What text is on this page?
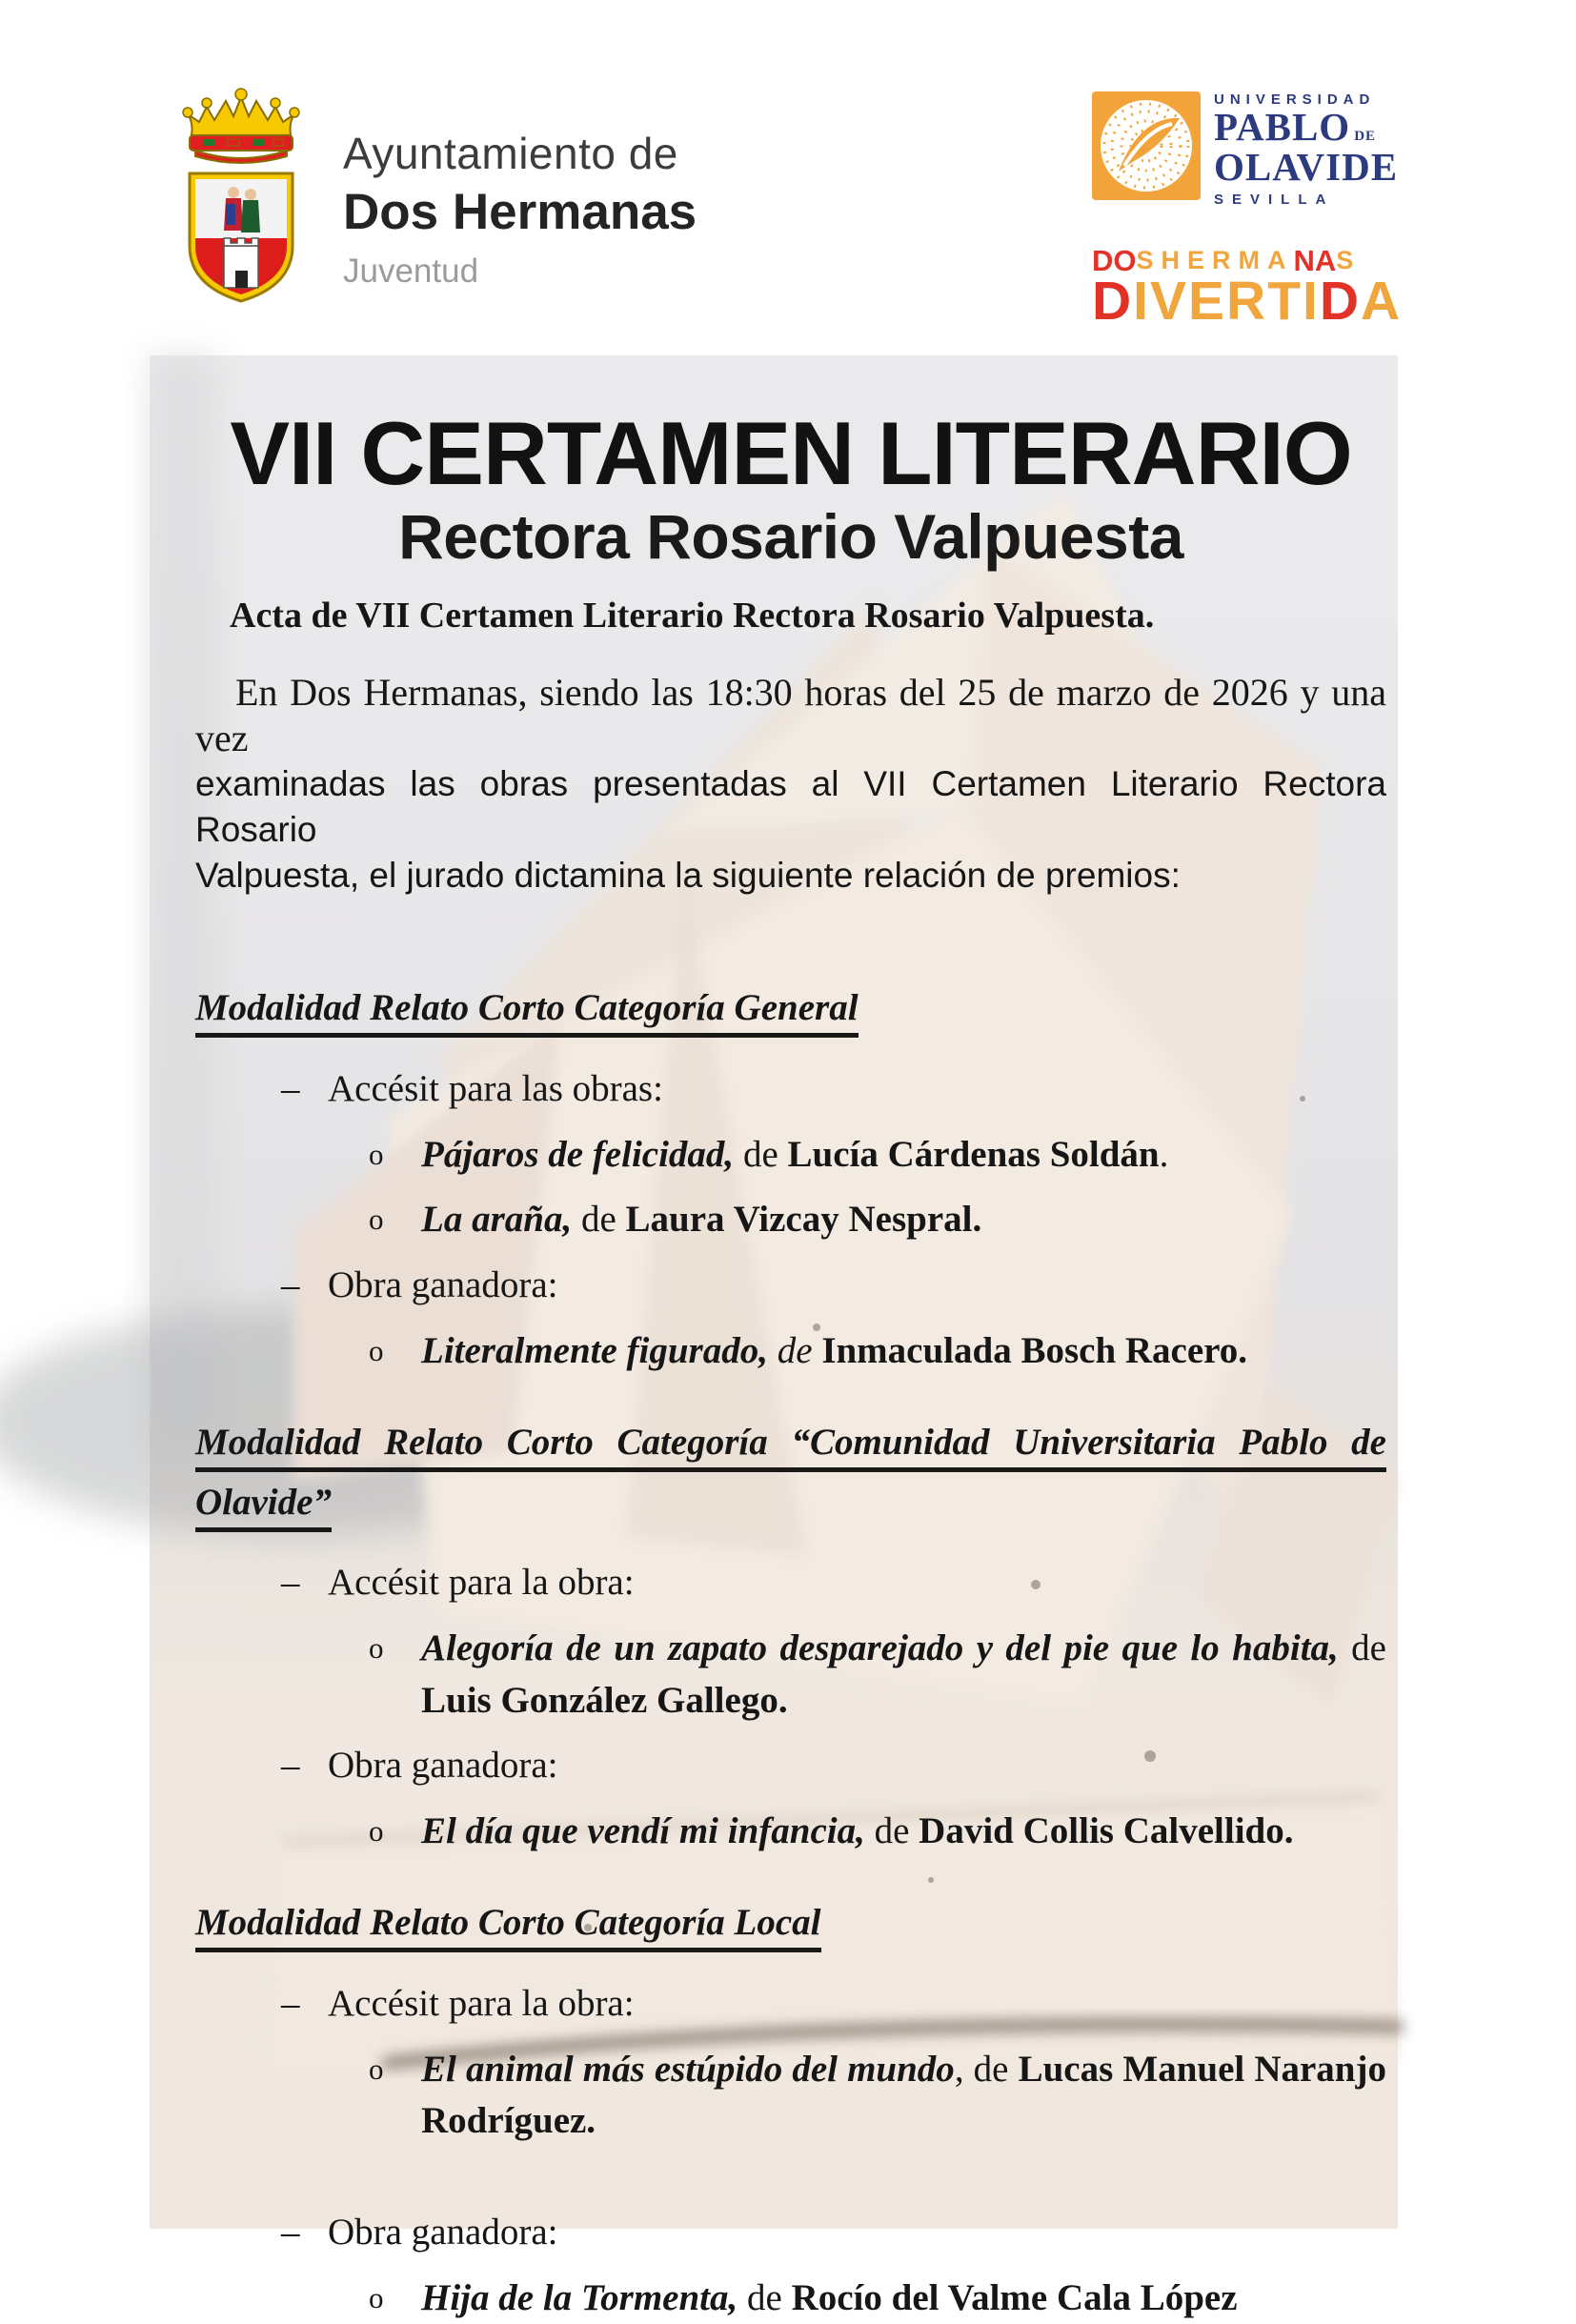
Ayuntamiento de
Dos Hermanas
Juventud
UNIVERSIDAD
PABLO DE
OLAVIDE
SEVILLA
DO SHERMA NA S
D IVERTI D A
VII CERTAMEN LITERARIO
Rectora Rosario Valpuesta
Acta de VII Certamen Literario Rectora Rosario Valpuesta.
En Dos Hermanas, siendo las 18:30 horas del 25 de marzo de 2026 y una vez
examinadas las obras presentadas al VII Certamen Literario Rectora Rosario
Valpuesta, el jurado dictamina la siguiente relación de premios:
Modalidad Relato Corto Categoría General
– Accésit para las obras:
o	Pájaros de felicidad, de Lucía Cárdenas Soldán.
o	La araña, de Laura Vizcay Nespral.
– Obra ganadora:
o	Literalmente figurado, de Inmaculada Bosch Racero.
Modalidad Relato Corto Categoría “Comunidad Universitaria Pablo de
Olavide”
– Accésit para la obra:
o	Alegoría de un zapato desparejado y del pie que lo habita, de Luis González Gallego.
– Obra ganadora:
o	El día que vendí mi infancia, de David Collis Calvellido.
Modalidad Relato Corto Categoría Local
– Accésit para la obra:
o	El animal más estúpido del mundo, de Lucas Manuel Naranjo Rodríguez.
– Obra ganadora:
o	Hija de la Tormenta, de Rocío del Valme Cala López
